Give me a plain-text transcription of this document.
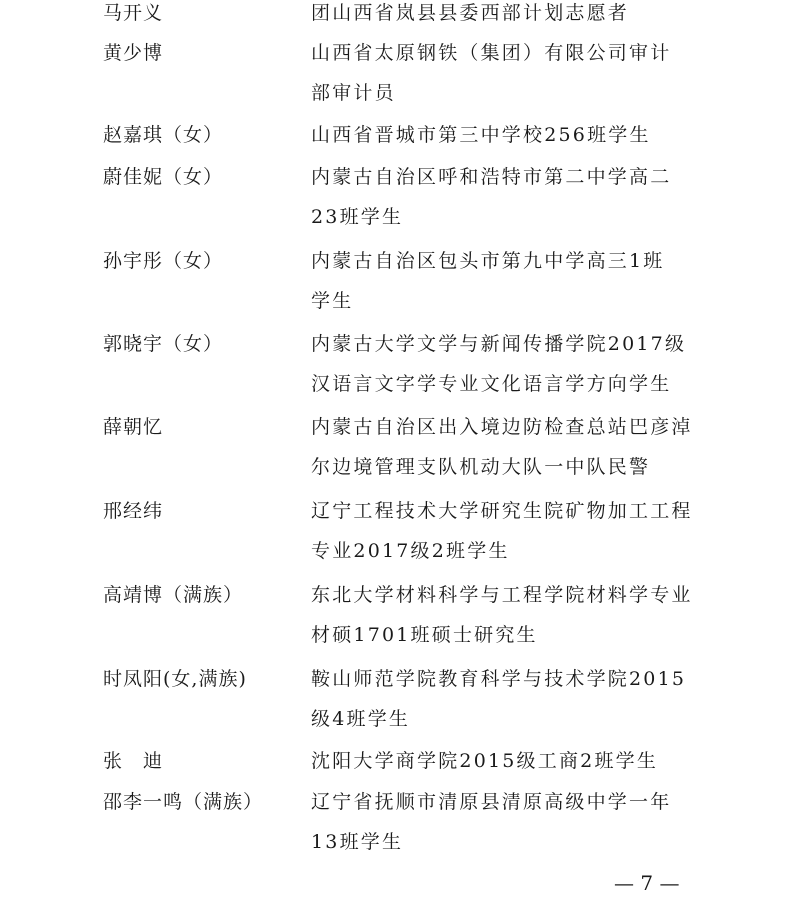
马开义	团山西省岚县县委西部计划志愿者
黄少博	山西省太原钢铁（集团）有限公司审计
部审计员
赵嘉琪（女）	山西省晋城市第三中学校256班学生
蔚佳妮（女）	内蒙古自治区呼和浩特市第二中学高二
23班学生
孙宇彤（女）	内蒙古自治区包头市第九中学高三1班
学生
郭晓宇（女）	内蒙古大学文学与新闻传播学院2017级
汉语言文字学专业文化语言学方向学生
薛朝忆	内蒙古自治区出入境边防检查总站巴彦淖
尔边境管理支队机动大队一中队民警
邢经纬	辽宁工程技术大学研究生院矿物加工工程
专业2017级2班学生
高靖博（满族）	东北大学材料科学与工程学院材料学专业
材硕1701班硕士研究生
时凤阳(女,满族)	鞍山师范学院教育科学与技术学院2015
级4班学生
张　迪	沈阳大学商学院2015级工商2班学生
邵李一鸣（满族）	辽宁省抚顺市清原县清原高级中学一年
13班学生
— 7 —
